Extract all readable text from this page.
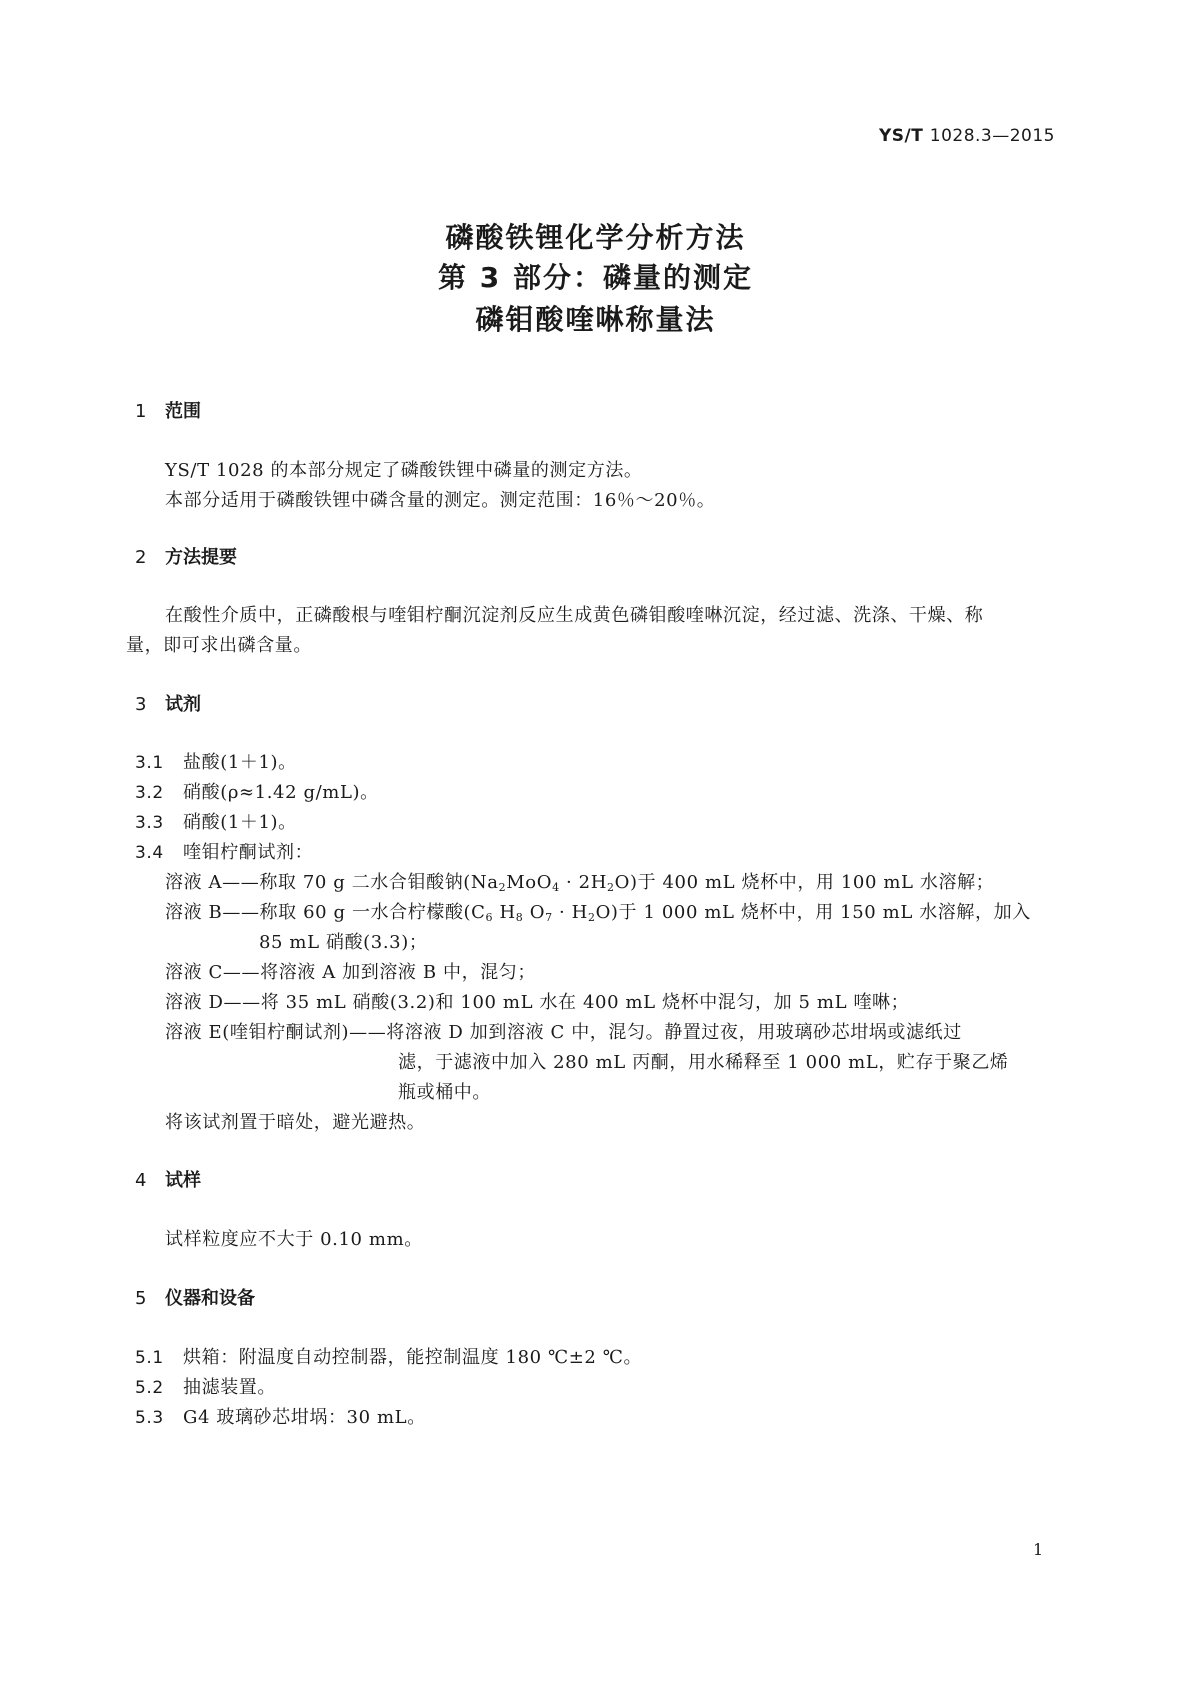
YS/T 1028.3—2015
磷酸铁锂化学分析方法
第 3 部分：磷量的测定
磷钼酸喹啉称量法
1 范围
YS/T 1028 的本部分规定了磷酸铁锂中磷量的测定方法。
本部分适用于磷酸铁锂中磷含量的测定。测定范围：16％～20％。
2 方法提要
在酸性介质中，正磷酸根与喹钼柠酮沉淀剂反应生成黄色磷钼酸喹啉沉淀，经过滤、洗涤、干燥、称
量，即可求出磷含量。
3 试剂
3.1 盐酸(1＋1)。
3.2 硝酸(ρ≈1.42 g/mL)。
3.3 硝酸(1＋1)。
3.4 喹钼柠酮试剂：
溶液 A——称取 70 g 二水合钼酸钠$(Na_2MoO_4 \cdot 2H_2O)$于 400 mL 烧杯中，用 100 mL 水溶解；
溶液 B——称取 60 g 一水合柠檬酸($C_6$ $H_8$ $O_7 \cdot H_2O$)于 1 000 mL 烧杯中，用 150 mL 水溶解，加入
85 mL 硝酸(3.3)；
溶液 C——将溶液 A 加到溶液 B 中，混匀；
溶液 D——将 35 mL 硝酸(3.2)和 100 mL 水在 400 mL 烧杯中混匀，加 5 mL 喹啉；
溶液 E(喹钼柠酮试剂)——将溶液 D 加到溶液 C 中，混匀。静置过夜，用玻璃砂芯坩埚或滤纸过
滤，于滤液中加入 280 mL 丙酮，用水稀释至 1 000 mL，贮存于聚乙烯
瓶或桶中。
将该试剂置于暗处，避光避热。
4 试样
试样粒度应不大于 0.10 mm。
5 仪器和设备
5.1 烘箱：附温度自动控制器，能控制温度 180 ℃±2 ℃。
5.2 抽滤装置。
5.3 G4 玻璃砂芯坩埚：30 mL。
1
